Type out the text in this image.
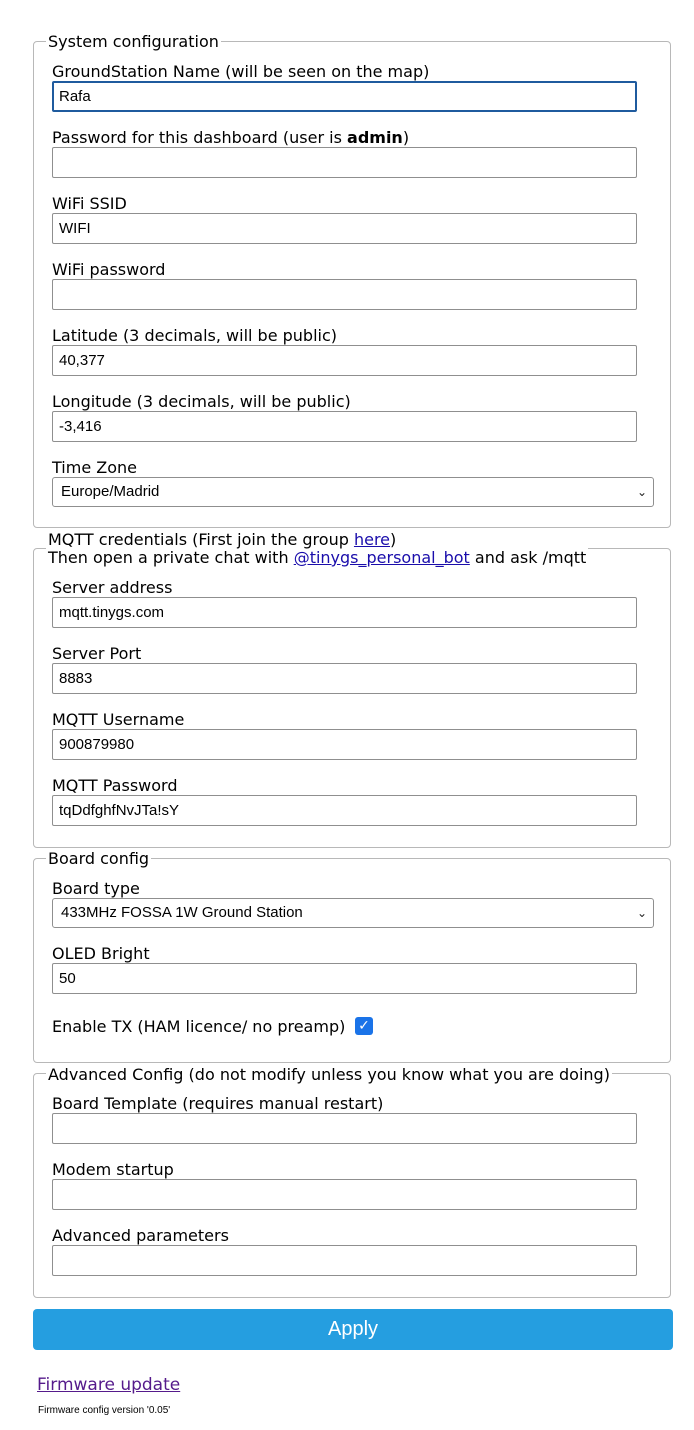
System configuration
GroundStation Name (will be seen on the map)
Rafa
Password for this dashboard (user is admin)
WiFi SSID
WIFI
WiFi password
Latitude (3 decimals, will be public)
40,377
Longitude (3 decimals, will be public)
-3,416
Time Zone
Europe/Madrid	⌄
MQTT credentials (First join the group here)
Then open a private chat with @tinygs_personal_bot and ask /mqtt
Server address
mqtt.tinygs.com
Server Port
8883
MQTT Username
900879980
MQTT Password
tqDdfghfNvJTa!sY
Board config
Board type
433MHz FOSSA 1W Ground Station	⌄
OLED Bright
50
Enable TX (HAM licence/ no preamp) ✓
Advanced Config (do not modify unless you know what you are doing)
Board Template (requires manual restart)
Modem startup
Advanced parameters
Apply
Firmware update
Firmware config version '0.05'
